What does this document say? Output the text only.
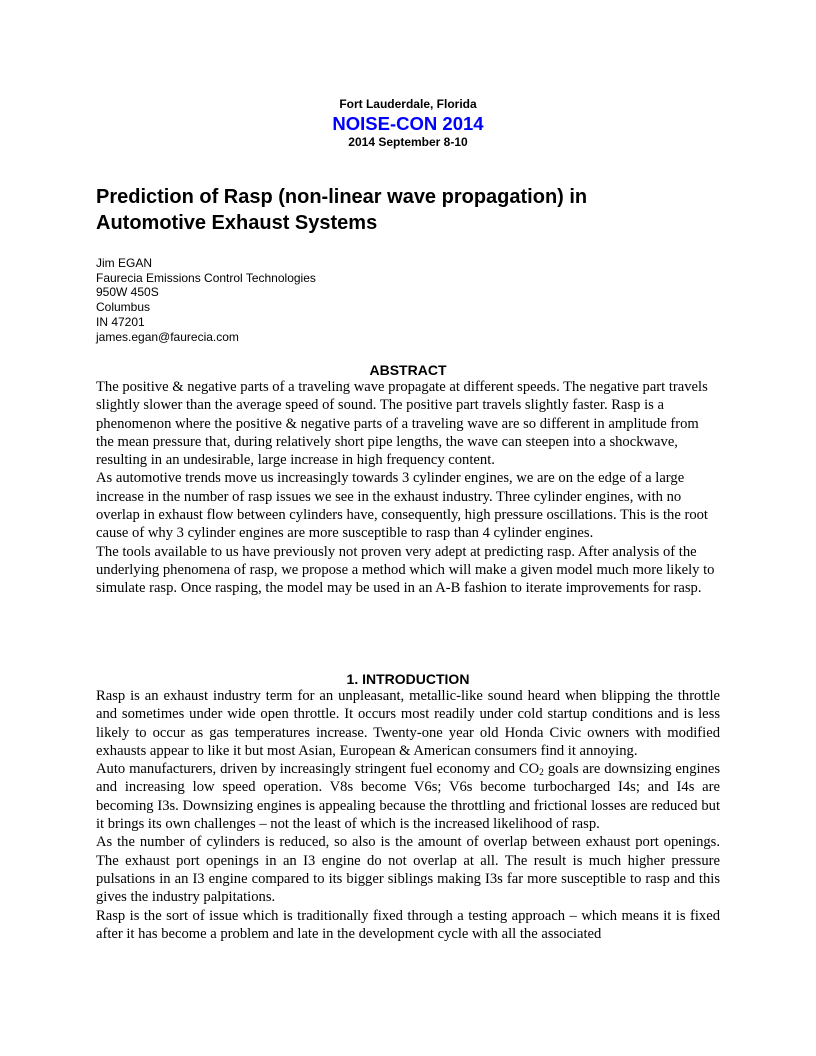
Fort Lauderdale, Florida
NOISE-CON 2014
2014 September 8-10
Prediction of Rasp (non-linear wave propagation) in
Automotive Exhaust Systems
Jim EGAN
Faurecia Emissions Control Technologies
950W 450S
Columbus
IN 47201
james.egan@faurecia.com
ABSTRACT

The positive & negative parts of a traveling wave propagate at different speeds. The negative part travels slightly slower than the average speed of sound. The positive part travels slightly faster. Rasp is a phenomenon where the positive & negative parts of a traveling wave are so different in amplitude from the mean pressure that, during relatively short pipe lengths, the wave can steepen into a shockwave, resulting in an undesirable, large increase in high frequency content.

As automotive trends move us increasingly towards 3 cylinder engines, we are on the edge of a large increase in the number of rasp issues we see in the exhaust industry. Three cylinder engines, with no overlap in exhaust flow between cylinders have, consequently, high pressure oscillations. This is the root cause of why 3 cylinder engines are more susceptible to rasp than 4 cylinder engines.

The tools available to us have previously not proven very adept at predicting rasp. After analysis of the underlying phenomena of rasp, we propose a method which will make a given model much more likely to simulate rasp. Once rasping, the model may be used in an A-B fashion to iterate improvements for rasp.

1. INTRODUCTION

Rasp is an exhaust industry term for an unpleasant, metallic-like sound heard when blipping the throttle and sometimes under wide open throttle. It occurs most readily under cold startup conditions and is less likely to occur as gas temperatures increase. Twenty-one year old Honda Civic owners with modified exhausts appear to like it but most Asian, European & American consumers find it annoying.

Auto manufacturers, driven by increasingly stringent fuel economy and $CO_2$ goals are downsizing engines and increasing low speed operation. V8s become V6s; V6s become turbocharged I4s; and I4s are becoming I3s. Downsizing engines is appealing because the throttling and frictional losses are reduced but it brings its own challenges – not the least of which is the increased likelihood of rasp.

As the number of cylinders is reduced, so also is the amount of overlap between exhaust port openings. The exhaust port openings in an I3 engine do not overlap at all. The result is much higher pressure pulsations in an I3 engine compared to its bigger siblings making I3s far more susceptible to rasp and this gives the industry palpitations.

Rasp is the sort of issue which is traditionally fixed through a testing approach – which means it is fixed after it has become a problem and late in the development cycle with all the associated
